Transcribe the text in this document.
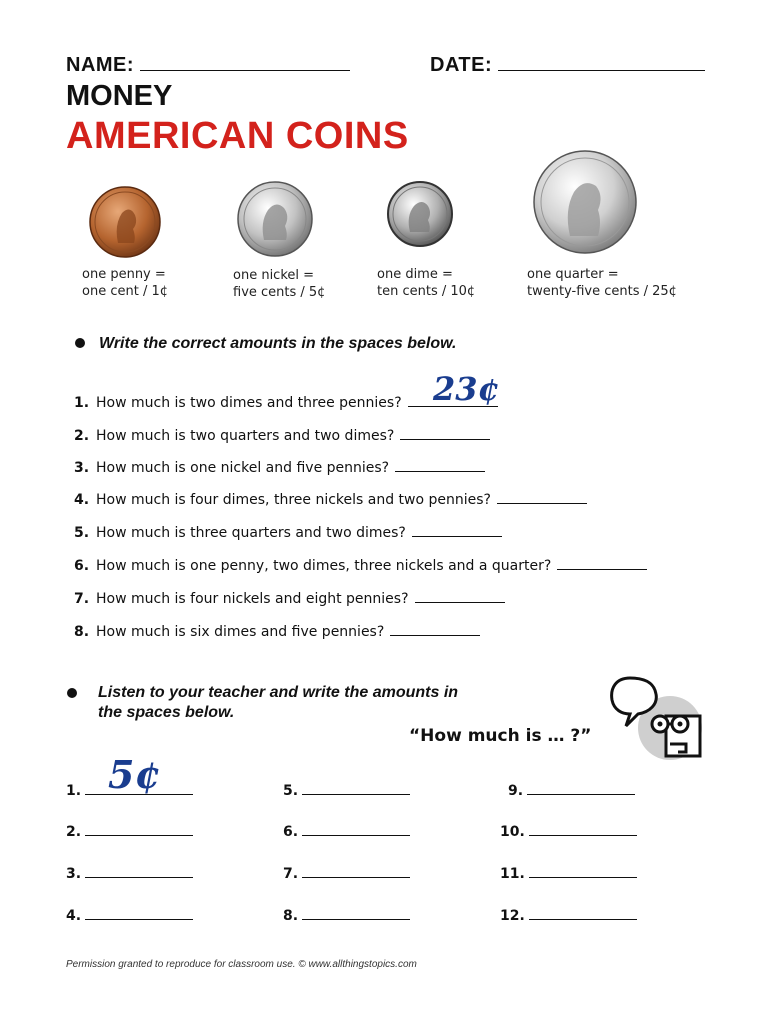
NAME:	DATE:
MONEY
AMERICAN COINS
one penny =
one cent / 1¢
one nickel =
five cents / 5¢
one dime =
ten cents / 10¢
one quarter =
twenty-five cents / 25¢
Write the correct amounts in the spaces below.
1. How much is two dimes and three pennies?
2. How much is two quarters and two dimes?
3. How much is one nickel and five pennies?
4. How much is four dimes, three nickels and two pennies?
5. How much is three quarters and two dimes?
6. How much is one penny, two dimes, three nickels and a quarter?
7. How much is four nickels and eight pennies?
8. How much is six dimes and five pennies?
23¢
Listen to your teacher and write the amounts in
the spaces below.
“How much is … ?”
5¢
1.
2.
3.
4.
5.
6.
7.
8.
9.
10.
11.
12.
Permission granted to reproduce for classroom use. © www.allthingstopics.com
